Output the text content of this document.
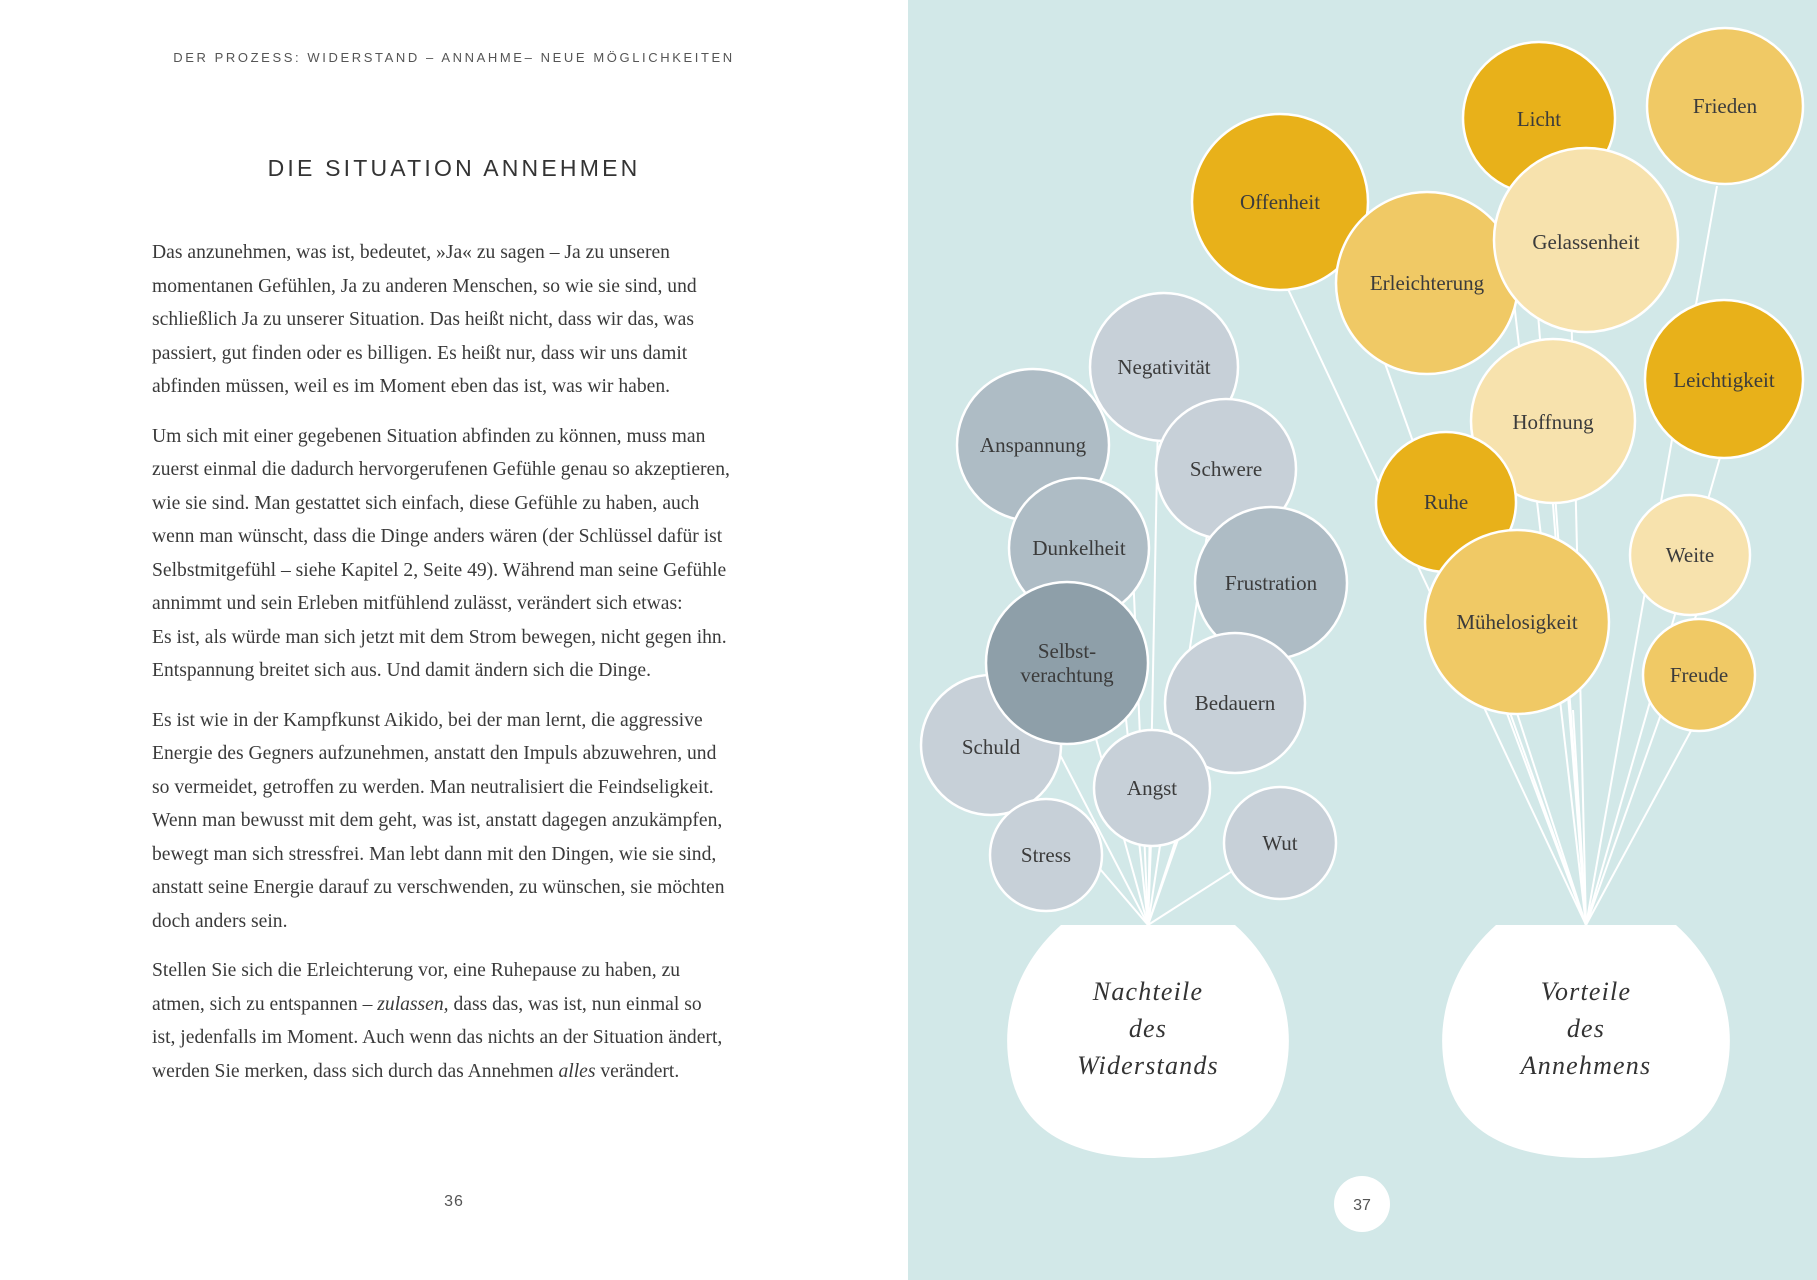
DER PROZESS: WIDERSTAND – ANNAHME– NEUE MÖGLICHKEITEN
DIE SITUATION ANNEHMEN
Das anzunehmen, was ist, bedeutet, »Ja« zu sagen – Ja zu unseren
momentanen Gefühlen, Ja zu anderen Menschen, so wie sie sind, und
schließlich Ja zu unserer Situation. Das heißt nicht, dass wir das, was
passiert, gut finden oder es billigen. Es heißt nur, dass wir uns damit
abfinden müssen, weil es im Moment eben das ist, was wir haben.
Um sich mit einer gegebenen Situation abfinden zu können, muss man
zuerst einmal die dadurch hervorgerufenen Gefühle genau so akzeptieren,
wie sie sind. Man gestattet sich einfach, diese Gefühle zu haben, auch
wenn man wünscht, dass die Dinge anders wären (der Schlüssel dafür ist
Selbstmitgefühl – siehe Kapitel 2, Seite 49). Während man seine Gefühle
annimmt und sein Erleben mitfühlend zulässt, verändert sich etwas:
Es ist, als würde man sich jetzt mit dem Strom bewegen, nicht gegen ihn.
Entspannung breitet sich aus. Und damit ändern sich die Dinge.
Es ist wie in der Kampfkunst Aikido, bei der man lernt, die aggressive
Energie des Gegners aufzunehmen, anstatt den Impuls abzuwehren, und
so vermeidet, getroffen zu werden. Man neutralisiert die Feindseligkeit.
Wenn man bewusst mit dem geht, was ist, anstatt dagegen anzukämpfen,
bewegt man sich stressfrei. Man lebt dann mit den Dingen, wie sie sind,
anstatt seine Energie darauf zu verschwenden, zu wünschen, sie möchten
doch anders sein.
Stellen Sie sich die Erleichterung vor, eine Ruhepause zu haben, zu
atmen, sich zu entspannen – zulassen, dass das, was ist, nun einmal so
ist, jedenfalls im Moment. Auch wenn das nichts an der Situation ändert,
werden Sie merken, dass sich durch das Annehmen alles verändert.
36
Nachteile
des
Widerstands
Vorteile
des
Annehmens
Negativität
Schwere
Anspannung
Dunkelheit
Schuld
Selbst-
verachtung
Frustration
Bedauern
Angst
Stress	Wut
Licht
Frieden
Offenheit
Erleichterung
Gelassenheit
Leichtigkeit
Hoffnung
Ruhe
Weite
Mühelosigkeit
Freude
37
